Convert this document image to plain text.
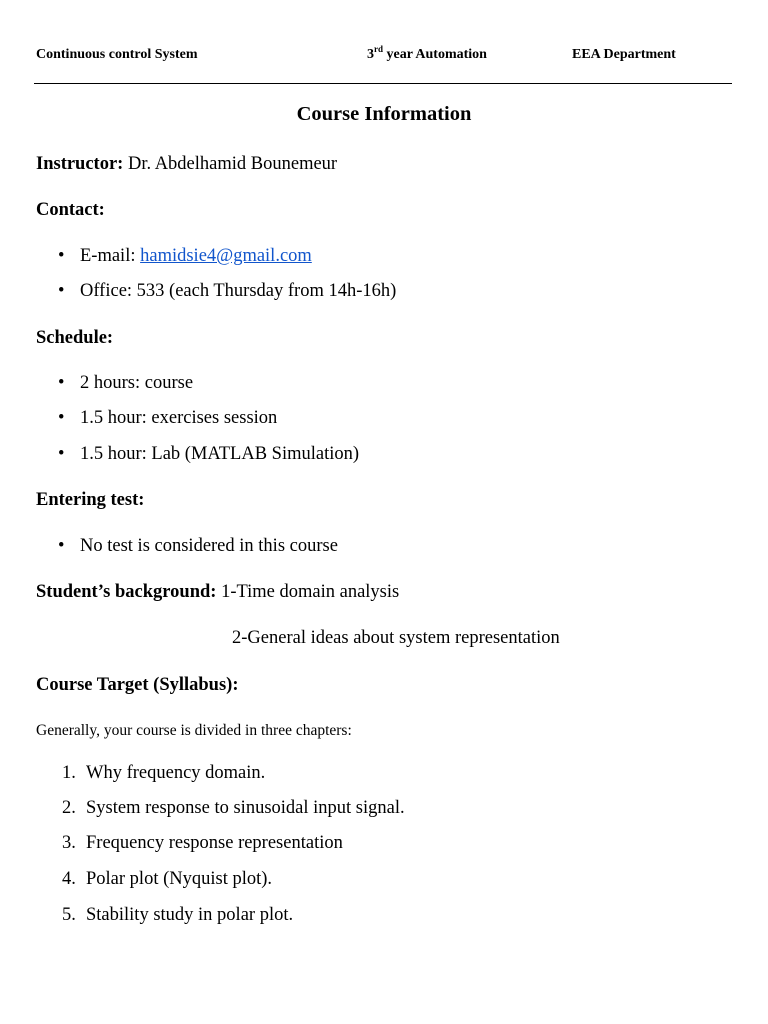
Continuous control System	3rd year Automation	EEA Department
Course Information
Instructor: Dr. Abdelhamid Bounemeur
Contact:
• E-mail: hamidsie4@gmail.com
• Office: 533 (each Thursday from 14h-16h)
Schedule:
• 2 hours: course
• 1.5 hour: exercises session
• 1.5 hour: Lab (MATLAB Simulation)
Entering test:
• No test is considered in this course
Student’s background: 1-Time domain analysis
2-General ideas about system representation
Course Target (Syllabus):
Generally, your course is divided in three chapters:
1. Why frequency domain.
2. System response to sinusoidal input signal.
3. Frequency response representation
4. Polar plot (Nyquist plot).
5. Stability study in polar plot.
